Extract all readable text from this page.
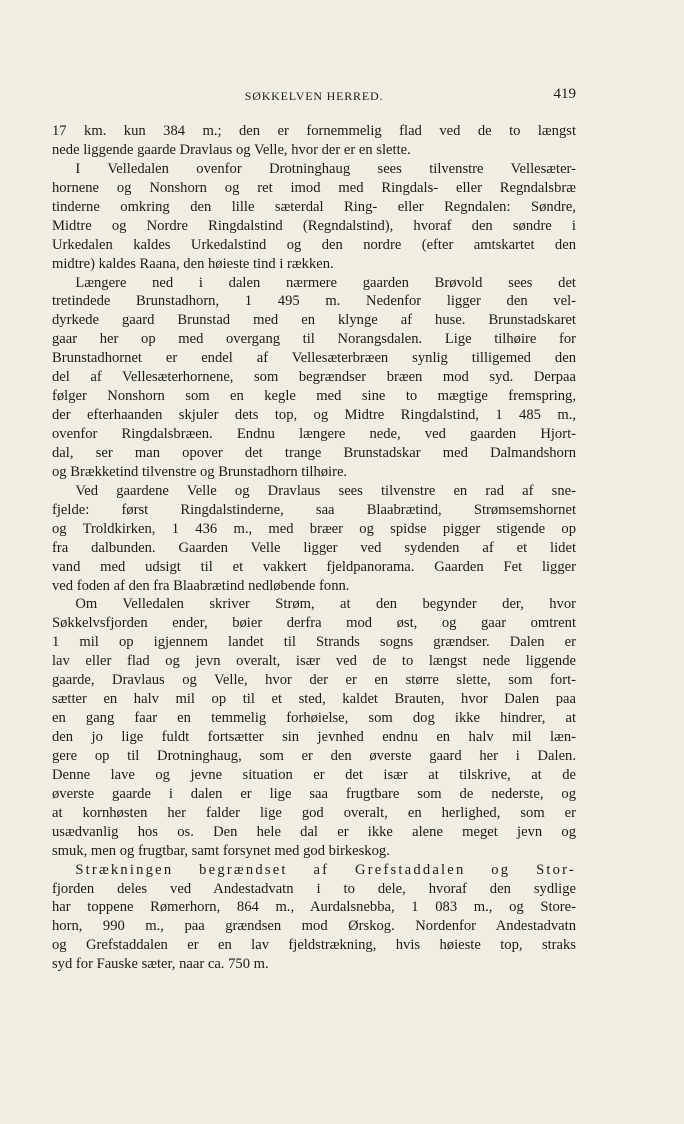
SØKKELVEN HERRED.	419
17 km. kun 384 m.; den er fornemmelig flad ved de to længst
nede liggende gaarde Dravlaus og Velle, hvor der er en slette.
I Velledalen ovenfor Drotninghaug sees tilvenstre Vellesæter-
hornene og Nonshorn og ret imod med Ringdals- eller Regndalsbræ
tinderne omkring den lille sæterdal Ring- eller Regndalen: Søndre,
Midtre og Nordre Ringdalstind (Regndalstind), hvoraf den søndre i
Urkedalen kaldes Urkedalstind og den nordre (efter amtskartet den
midtre) kaldes Raana, den høieste tind i rækken.
Længere ned i dalen nærmere gaarden Brøvold sees det
tretindede Brunstadhorn, 1 495 m. Nedenfor ligger den vel-
dyrkede gaard Brunstad med en klynge af huse. Brunstadskaret
gaar her op med overgang til Norangsdalen. Lige tilhøire for
Brunstadhornet er endel af Vellesæterbræen synlig tilligemed den
del af Vellesæterhornene, som begrændser bræen mod syd. Derpaa
følger Nonshorn som en kegle med sine to mægtige fremspring,
der efterhaanden skjuler dets top, og Midtre Ringdalstind, 1 485 m.,
ovenfor Ringdalsbræen. Endnu længere nede, ved gaarden Hjort-
dal, ser man opover det trange Brunstadskar med Dalmandshorn
og Brækketind tilvenstre og Brunstadhorn tilhøire.
Ved gaardene Velle og Dravlaus sees tilvenstre en rad af sne-
fjelde: først Ringdalstinderne, saa Blaabrætind, Strømsemshornet
og Troldkirken, 1 436 m., med bræer og spidse pigger stigende op
fra dalbunden. Gaarden Velle ligger ved sydenden af et lidet
vand med udsigt til et vakkert fjeldpanorama. Gaarden Fet ligger
ved foden af den fra Blaabrætind nedløbende fonn.
Om Velledalen skriver Strøm, at den begynder der, hvor
Søkkelvsfjorden ender, bøier derfra mod øst, og gaar omtrent
1 mil op igjennem landet til Strands sogns grændser. Dalen er
lav eller flad og jevn overalt, især ved de to længst nede liggende
gaarde, Dravlaus og Velle, hvor der er en større slette, som fort-
sætter en halv mil op til et sted, kaldet Brauten, hvor Dalen paa
en gang faar en temmelig forhøielse, som dog ikke hindrer, at
den jo lige fuldt fortsætter sin jevnhed endnu en halv mil læn-
gere op til Drotninghaug, som er den øverste gaard her i Dalen.
Denne lave og jevne situation er det især at tilskrive, at de
øverste gaarde i dalen er lige saa frugtbare som de nederste, og
at kornhøsten her falder lige god overalt, en herlighed, som er
usædvanlig hos os. Den hele dal er ikke alene meget jevn og
smuk, men og frugtbar, samt forsynet med god birkeskog.
Strækningen begrændset af Grefstaddalen og Stor-
fjorden deles ved Andestadvatn i to dele, hvoraf den sydlige
har toppene Rømerhorn, 864 m., Aurdalsnebba, 1 083 m., og Store-
horn, 990 m., paa grændsen mod Ørskog. Nordenfor Andestadvatn
og Grefstaddalen er en lav fjeldstrækning, hvis høieste top, straks
syd for Fauske sæter, naar ca. 750 m.
